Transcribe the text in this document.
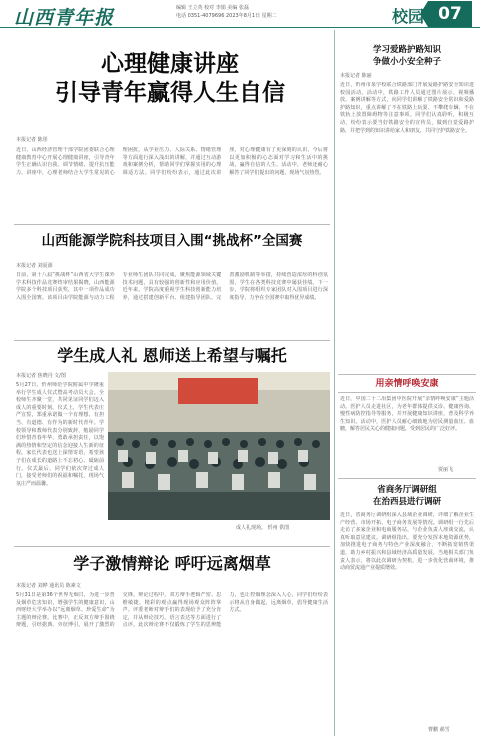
山西青年报	编辑 王立英 校对 李娟 美编 张磊
电话 0351-4079696 2023年8月1日 星期二	校园 07
心理健康讲座
引导青年赢得人生自信
本报记者 陈彤
近日，山西经济管理干部学院团委联合心理健康教育中心开展心理健康讲座，引导青年学生正确认识自我、调节情绪、提升抗压能力。讲座中，心理老师结合大学生常见的心理困扰，从学业压力、人际关系、情绪管理等方面进行深入浅出的讲解，并通过互动游戏和案例分析，帮助同学们掌握实用的心理调适方法。同学们纷纷表示，通过此次讲座，对心理健康有了更深刻的认识，今后将以更加积极的心态面对学习和生活中的挑战，赢得自信的人生。活动中，老师还耐心解答了同学们提出的问题，现场气氛热烈。
山西能源学院科技项目入围“挑战杯”全国赛
本报记者 刘夏源
日前，第十八届“挑战杯”山西省大学生课外学术科技作品竞赛终审结果揭晓，山西能源学院多个科技项目获奖，其中一项作品成功入围全国赛。该项目由学院能源与动力工程专业师生团队共同完成，聚焦能源领域关键技术问题，具有较强的创新性和应用价值。近年来，学院高度重视学生科技创新能力培养，通过搭建创新平台、组建指导团队、完善激励机制等举措，持续营造浓厚的科创氛围，学生在各类科技竞赛中屡获佳绩。下一步，学院将组织专家团队对入围项目进行深度指导，力争在全国赛中取得优异成绩。
学生成人礼 恩师送上希望与嘱托
本报记者 焦晓丹 文/图
5月27日，忻州师范学院附属中学隆重举行学生成人仪式暨高考动员大会。全校师生齐聚一堂，共同见证同学们迈入成人的重要时刻。仪式上，学生代表庄严宣誓，郑重承诺做一个有理想、有担当、有道德、有作为的新时代青年。学校领导和教师代表分别致辞，勉励同学们珍惜青春年华，勇敢承担责任，以饱满的热情和坚定的信念迎接人生新的征程。家长代表也送上深情寄语，希望孩子们在成长的道路上不忘初心、砥砺前行。仪式最后，同学们依次穿过成人门，接受老师们的祝福和嘱托，现场气氛庄严而温馨。
成人礼现场。 忻州 供图
学子激情辩论 呼吁远离烟草
本报记者 刘晔 通讯员 陈素文
5月31日是第36个世界无烟日，为进一步普及烟草危害知识，增强学生的健康意识，山西财经大学举办以“远离烟草、珍爱生命”为主题的辩论赛。比赛中，正反双方辩手围绕辩题，引经据典、旁征博引，展开了激烈的交锋。辩论过程中，双方辩手逻辑严密、思维敏捷，精彩的观点赢得现场观众阵阵掌声。评委老师对辩手们的表现给予了充分肯定，并从辩论技巧、语言表达等方面进行了点评。此次辩论赛不仅锻炼了学生的思辨能力，也让控烟理念深入人心，同学们纷纷表示将从自身做起，远离烟草，倡导健康生活方式。
学习爱路护路知识
争做小小安全种子
本报记者 陈丽
近日，忻州市某学校联合铁路部门开展爱路护路安全知识进校园活动。活动中，铁路工作人员通过图片展示、视频播放、案例讲解等方式，向同学们讲解了铁路安全常识和爱路护路知识，重点讲解了不在铁路上玩耍、不攀爬车辆、不在铁轨上放置障碍物等注意事项。同学们认真聆听，积极互动，纷纷表示要当好铁路安全的宣传员，做到自觉爱路护路，并把学到的知识讲给家人和朋友，共同守护铁路安全。
用亲情呼唤安康
近日，中国二十二冶集团中医院开展“亲情呼唤安康”主题活动。医护人员走进社区，为老年群体提供义诊、健康咨询、慢性病防控指导等服务，并开展健康知识讲座，普及科学养生知识。活动中，医护人员耐心细致地为居民测量血压、血糖，解答居民关心的健康问题，受到居民的广泛好评。
贾丽飞
省商务厅调研组
在治西县进行调研
近日，省商务厅调研组深入县域企业调研，详细了解企业生产经营、市场开拓、电子商务发展等情况。调研组一行先后走访了多家企业和电商服务站，与企业负责人座谈交流，认真听取意见建议。调研组指出，要充分发挥本地资源优势，加快推进电子商务与特色产业深度融合，不断拓宽销售渠道，助力乡村振兴和县域经济高质量发展。当地相关部门负责人表示，将以此次调研为契机，进一步优化营商环境，推动商贸流通产业提质增效。
曹鹏 郝雪
